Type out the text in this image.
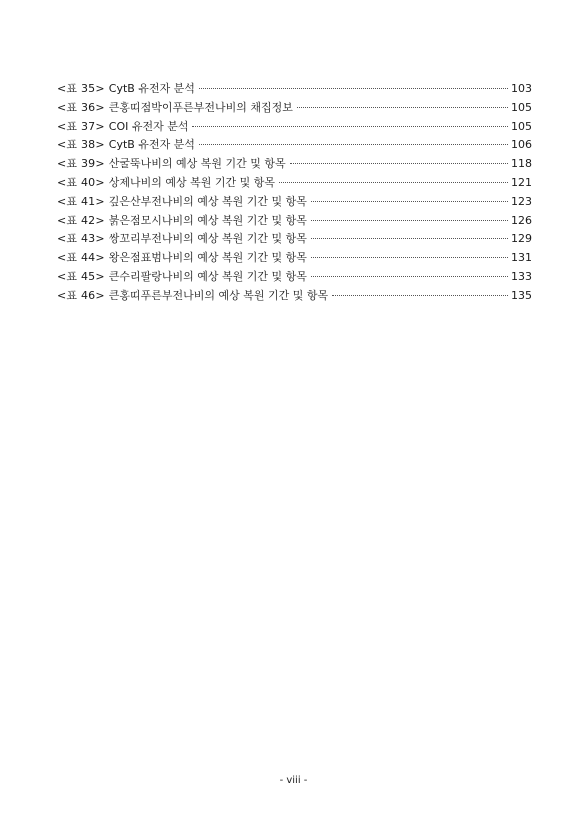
<표 35> CytB 유전자 분석	103
<표 36> 큰홍띠점박이푸른부전나비의 채집정보	105
<표 37> COI 유전자 분석	105
<표 38> CytB 유전자 분석	106
<표 39> 산굴뚝나비의 예상 복원 기간 및 항목	118
<표 40> 상제나비의 예상 복원 기간 및 항목	121
<표 41> 깊은산부전나비의 예상 복원 기간 및 항목	123
<표 42> 붉은점모시나비의 예상 복원 기간 및 항목	126
<표 43> 쌍꼬리부전나비의 예상 복원 기간 및 항목	129
<표 44> 왕은점표범나비의 예상 복원 기간 및 항목	131
<표 45> 큰수리팔랑나비의 예상 복원 기간 및 항목	133
<표 46> 큰홍띠푸른부전나비의 예상 복원 기간 및 항목	135
- viii -
